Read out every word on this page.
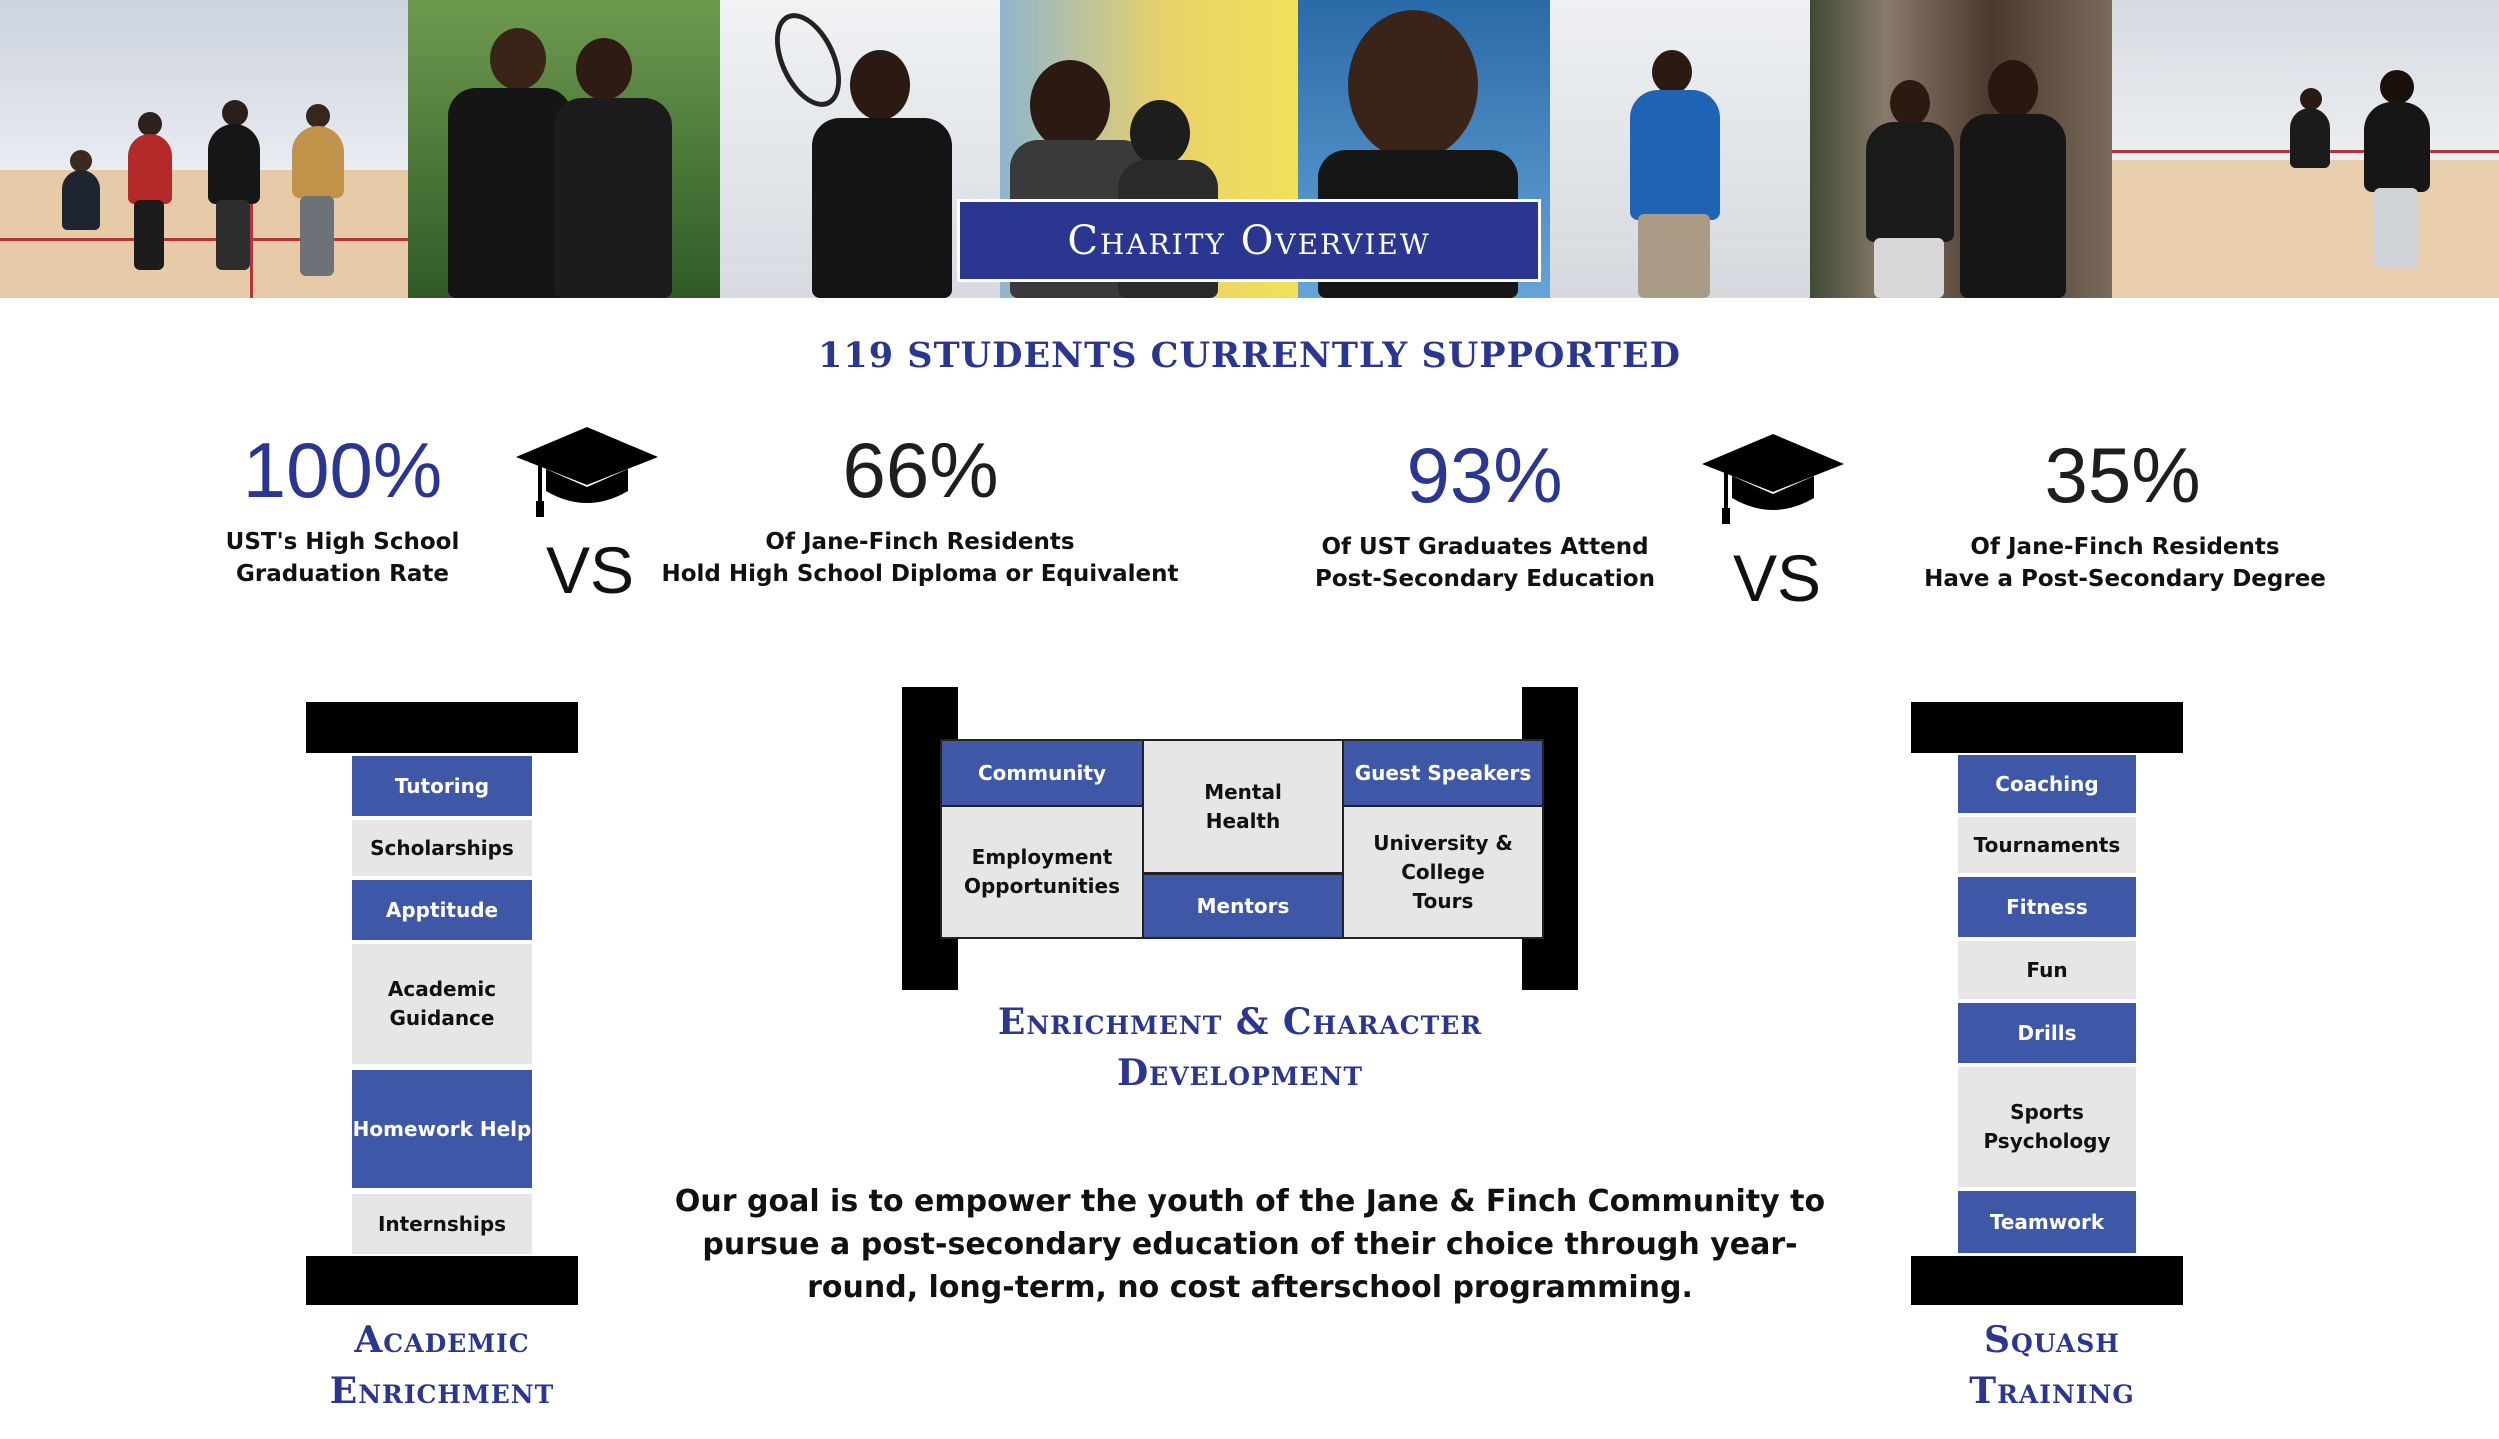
Charity Overview
119 STUDENTS CURRENTLY SUPPORTED
100%
UST's High School
Graduation Rate	VS
66%
Of Jane-Finch Residents
Hold High School Diploma or Equivalent
93%
Of UST Graduates Attend
Post-Secondary Education VS
35%
Of Jane-Finch Residents
Have a Post-Secondary Degree
Tutoring
Scholarships
Apptitude
Academic Guidance
Homework Help
Internships
Academic
Enrichment
Community
Employment Opportunities
Mental Health
Mentors
Guest Speakers
University & College Tours
Enrichment & Character
Development
Coaching
Tournaments
Fitness
Fun
Drills
Sports Psychology
Teamwork
Squash
Training
Our goal is to empower the youth of the Jane & Finch Community to pursue a post-secondary education of their choice through year-round, long-term, no cost afterschool programming.
